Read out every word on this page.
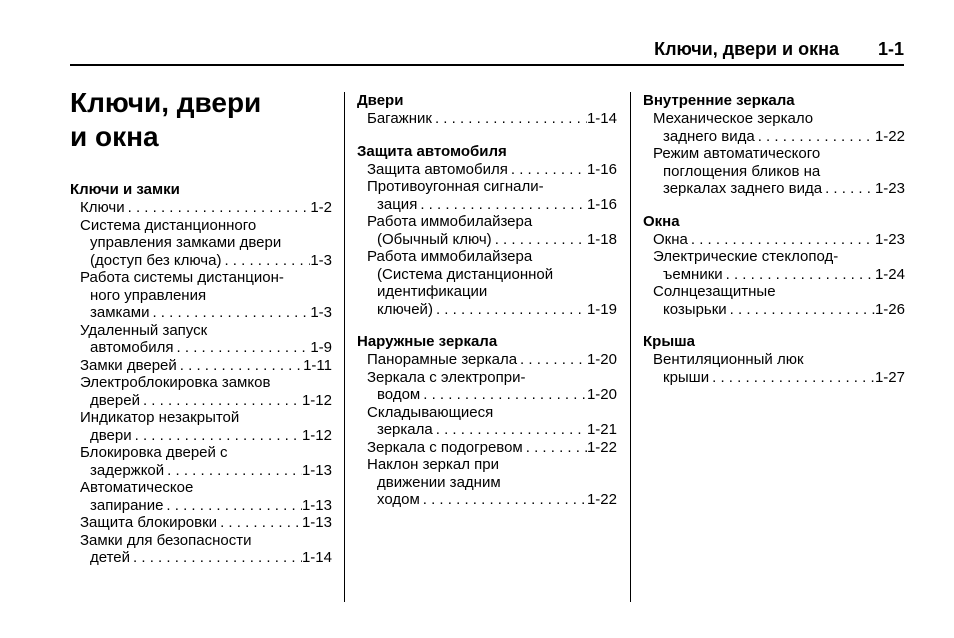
Ключи, двери и окна 1-1
Ключи, двери
и окна
Ключи и замки
Ключи . . .	1-2
Система дистанционного
управления замками двери
(доступ без ключа) . . .	1-3
Работа системы дистанцион-
ного управления
замками . . .	1-3
Удаленный запуск
автомобиля . . .	1-9
Замки дверей . . .	1-11
Электроблокировка замков
дверей . . .	1-12
Индикатор незакрытой
двери . . .	1-12
Блокировка дверей с
задержкой . . .	1-13
Автоматическое
запирание . . .	1-13
Защита блокировки . . .	1-13
Замки для безопасности
детей . . .	1-14
Двери
Багажник . . .	1-14
Защита автомобиля
Защита автомобиля . . .	1-16
Противоугонная сигнали-
зация . . .	1-16
Работа иммобилайзера
(Обычный ключ) . . .	1-18
Работа иммобилайзера
(Система дистанционной
идентификации
ключей) . . .	1-19
Наружные зеркала
Панорамные зеркала . . .	1-20
Зеркала с электропри-
водом . . .	1-20
Складывающиеся
зеркала . . .	1-21
Зеркала с подогревом . . .	1-22
Наклон зеркал при
движении задним
ходом . . .	1-22
Внутренние зеркала
Механическое зеркало
заднего вида . . .	1-22
Режим автоматического
поглощения бликов на
зеркалах заднего вида . . .	1-23
Окна
Окна . . .	1-23
Электрические стеклопод-
ъемники . . .	1-24
Солнцезащитные
козырьки . . .	1-26
Крыша
Вентиляционный люк
крыши . . .	1-27
